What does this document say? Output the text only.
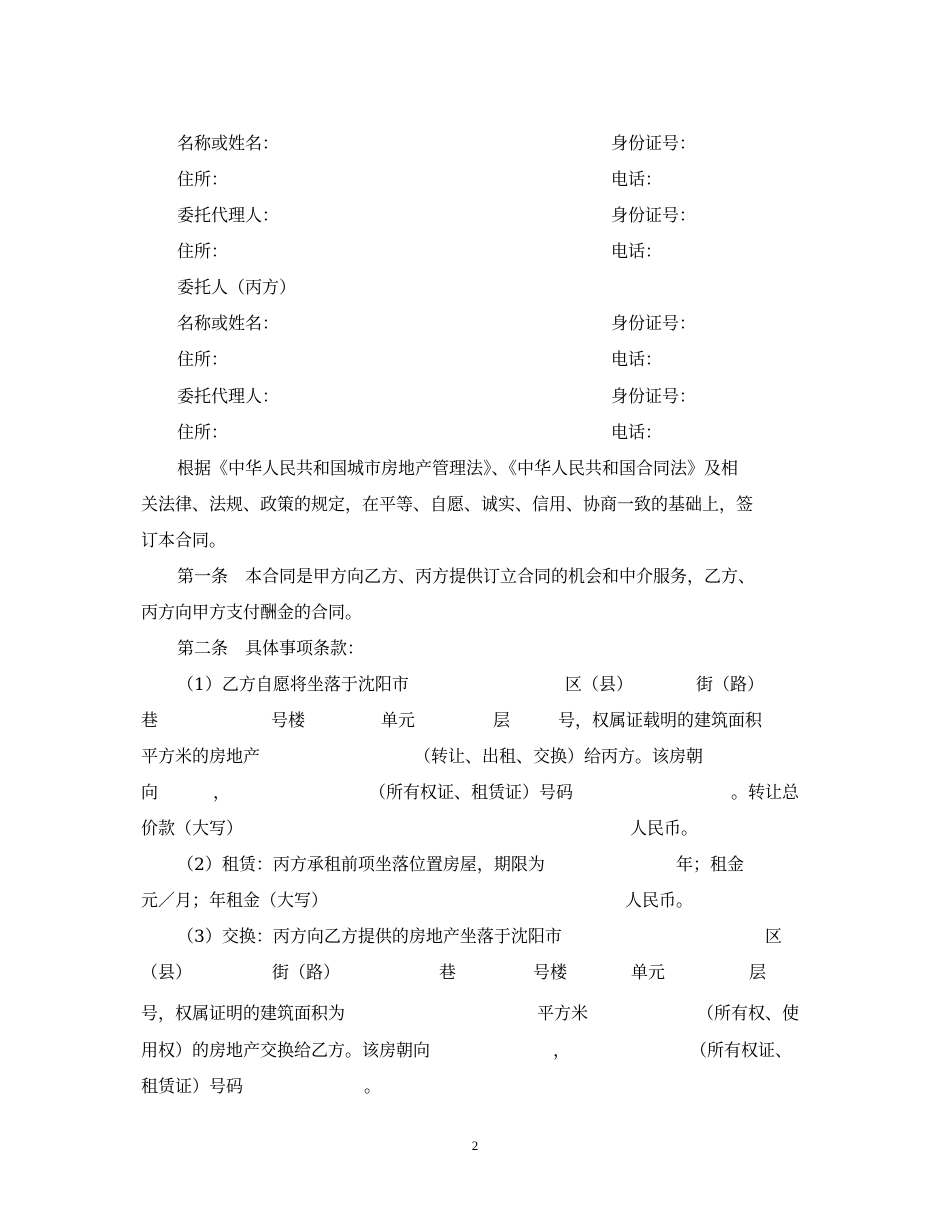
名称或姓名：	身份证号：
住所：	电话：
委托代理人：	身份证号：
住所：	电话：
委托人（丙方）
名称或姓名：	身份证号：
住所：	电话：
委托代理人：	身份证号：
住所：	电话：
根据《中华人民共和国城市房地产管理法》、《中华人民共和国合同法》及相
关法律、法规、政策的规定，在平等、自愿、诚实、信用、协商一致的基础上，签
订本合同。
第一条　本合同是甲方向乙方、丙方提供订立合同的机会和中介服务，乙方、
丙方向甲方支付酬金的合同。
第二条　具体事项条款：
（1）乙方自愿将坐落于沈阳市	区（县）	街（路）
巷	号楼	单元	层	号，权属证载明的建筑面积
平方米的房地产	（转让、出租、交换）给丙方。该房朝
向	，	（所有权证、租赁证）号码	。转让总
价款（大写）	人民币。
（2）租赁：丙方承租前项坐落位置房屋，期限为	年；租金
元／月；年租金（大写）	人民币。
（3）交换：丙方向乙方提供的房地产坐落于沈阳市	区
（县）	街（路）	巷	号楼	单元	层
号，权属证明的建筑面积为	平方米	（所有权、使
用权）的房地产交换给乙方。该房朝向	，	（所有权证、
租赁证）号码	。
2
